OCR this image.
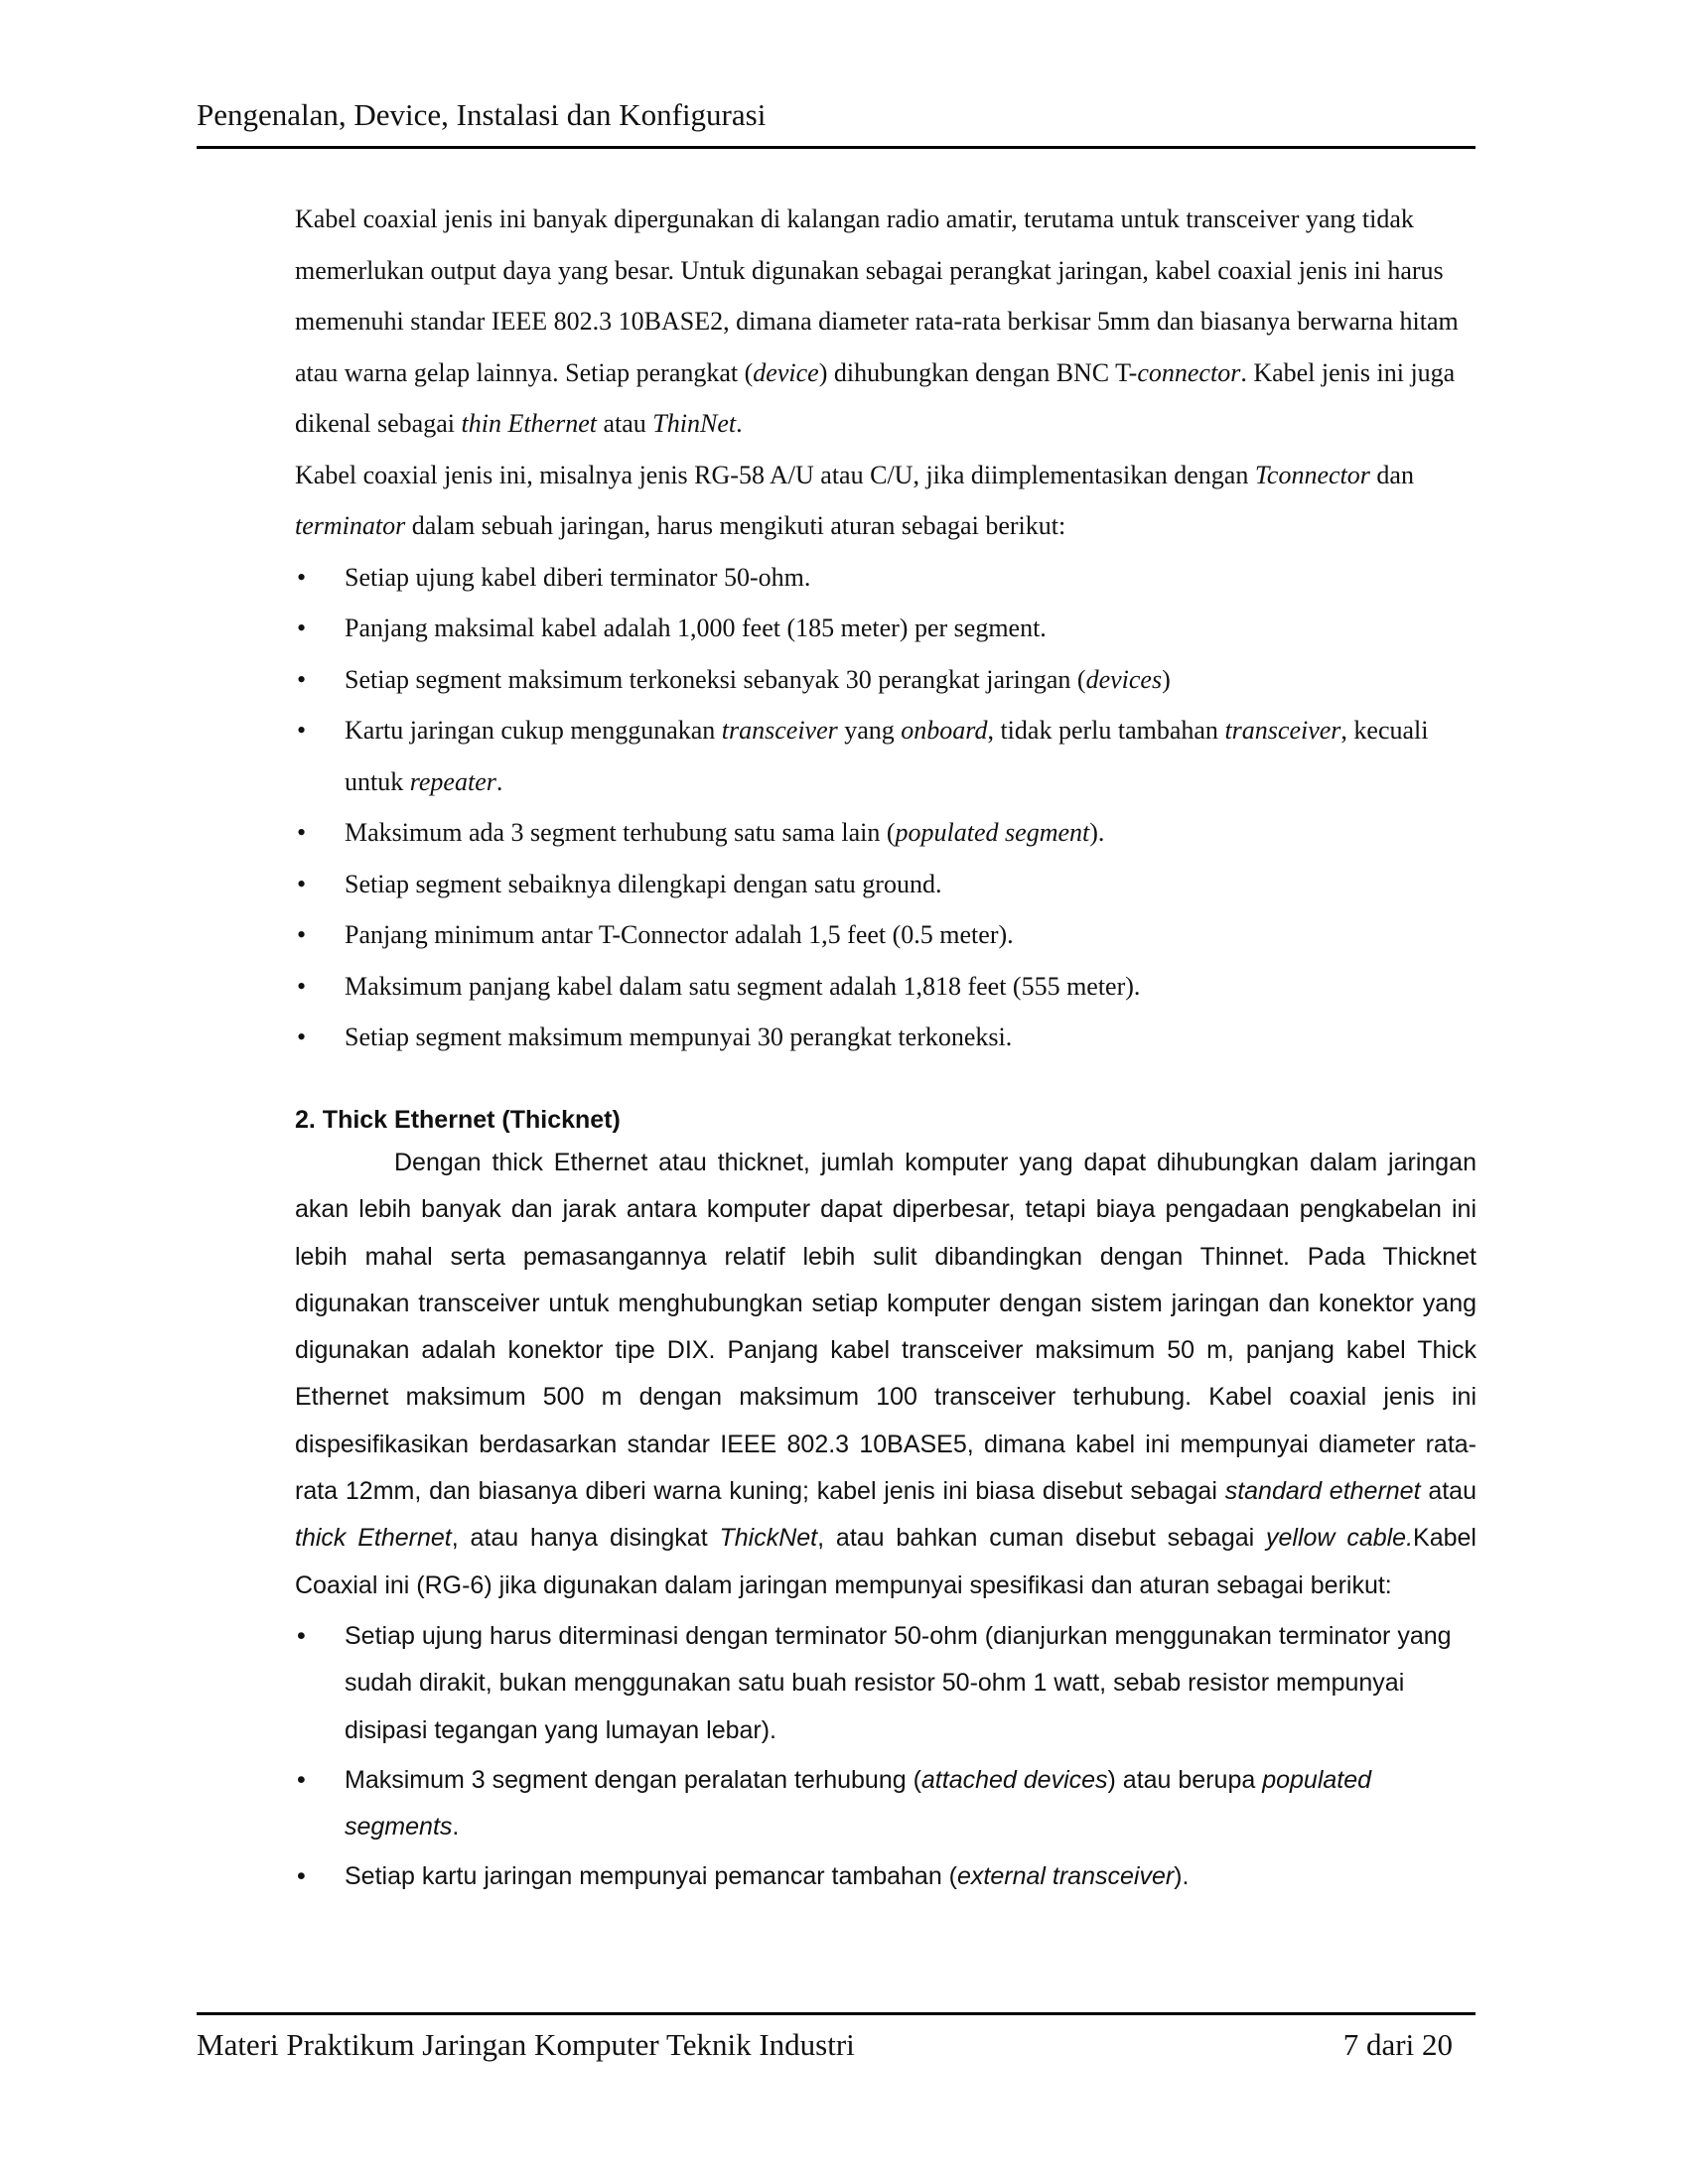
Pengenalan, Device, Instalasi dan Konfigurasi

Kabel coaxial jenis ini banyak dipergunakan di kalangan radio amatir, terutama untuk transceiver yang tidak memerlukan output daya yang besar. Untuk digunakan sebagai perangkat jaringan, kabel coaxial jenis ini harus memenuhi standar IEEE 802.3 10BASE2, dimana diameter rata-rata berkisar 5mm dan biasanya berwarna hitam atau warna gelap lainnya. Setiap perangkat (device) dihubungkan dengan BNC T-connector. Kabel jenis ini juga dikenal sebagai thin Ethernet atau ThinNet.

Kabel coaxial jenis ini, misalnya jenis RG-58 A/U atau C/U, jika diimplementasikan dengan Tconnector dan terminator dalam sebuah jaringan, harus mengikuti aturan sebagai berikut:

• Setiap ujung kabel diberi terminator 50-ohm.
• Panjang maksimal kabel adalah 1,000 feet (185 meter) per segment.
• Setiap segment maksimum terkoneksi sebanyak 30 perangkat jaringan (devices)
• Kartu jaringan cukup menggunakan transceiver yang onboard, tidak perlu tambahan transceiver, kecuali untuk repeater.
• Maksimum ada 3 segment terhubung satu sama lain (populated segment).
• Setiap segment sebaiknya dilengkapi dengan satu ground.
• Panjang minimum antar T-Connector adalah 1,5 feet (0.5 meter).
• Maksimum panjang kabel dalam satu segment adalah 1,818 feet (555 meter).
• Setiap segment maksimum mempunyai 30 perangkat terkoneksi.
2. Thick Ethernet (Thicknet)

Dengan thick Ethernet atau thicknet, jumlah komputer yang dapat dihubungkan dalam jaringan akan lebih banyak dan jarak antara komputer dapat diperbesar, tetapi biaya pengadaan pengkabelan ini lebih mahal serta pemasangannya relatif lebih sulit dibandingkan dengan Thinnet. Pada Thicknet digunakan transceiver untuk menghubungkan setiap komputer dengan sistem jaringan dan konektor yang digunakan adalah konektor tipe DIX. Panjang kabel transceiver maksimum 50 m, panjang kabel Thick Ethernet maksimum 500 m dengan maksimum 100 transceiver terhubung. Kabel coaxial jenis ini dispesifikasikan berdasarkan standar IEEE 802.3 10BASE5, dimana kabel ini mempunyai diameter rata-rata 12mm, dan biasanya diberi warna kuning; kabel jenis ini biasa disebut sebagai standard ethernet atau thick Ethernet, atau hanya disingkat ThickNet, atau bahkan cuman disebut sebagai yellow cable.Kabel Coaxial ini (RG-6) jika digunakan dalam jaringan mempunyai spesifikasi dan aturan sebagai berikut:

• Setiap ujung harus diterminasi dengan terminator 50-ohm (dianjurkan menggunakan terminator yang sudah dirakit, bukan menggunakan satu buah resistor 50-ohm 1 watt, sebab resistor mempunyai disipasi tegangan yang lumayan lebar).
• Maksimum 3 segment dengan peralatan terhubung (attached devices) atau berupa populated segments.
• Setiap kartu jaringan mempunyai pemancar tambahan (external transceiver).
Materi Praktikum Jaringan Komputer Teknik Industri	7 dari 20
